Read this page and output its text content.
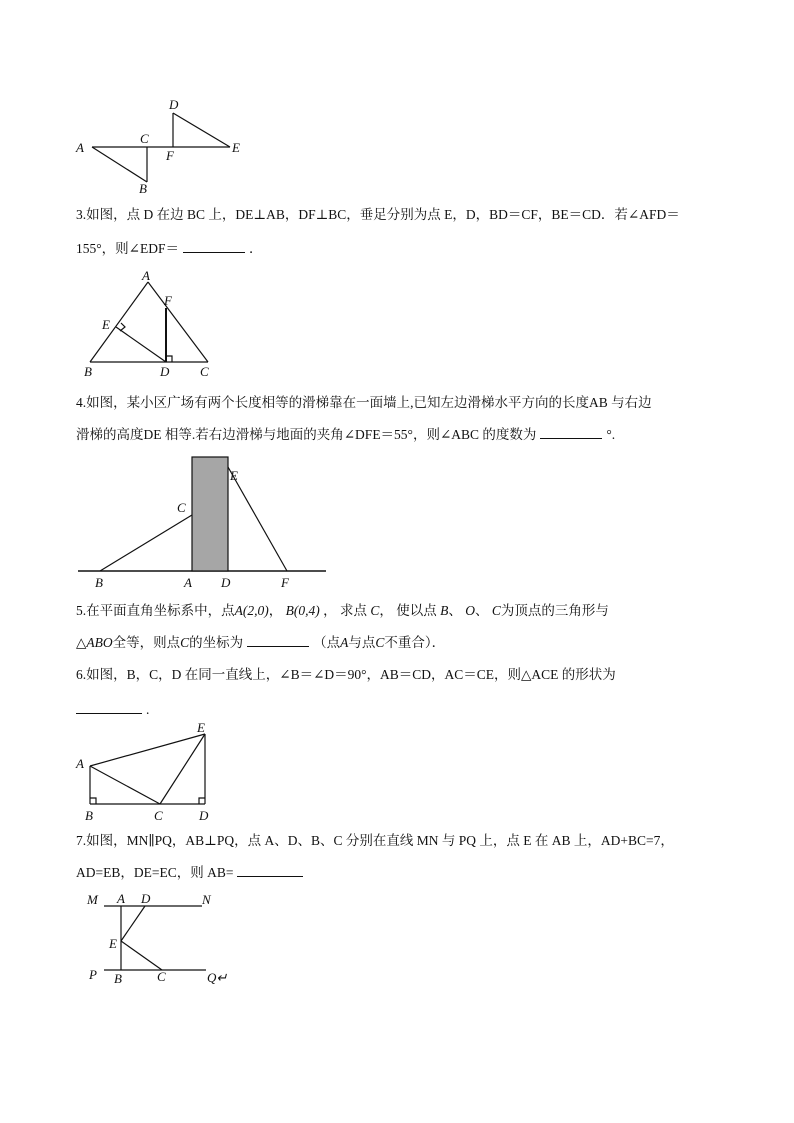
A
B
C
D
E
F
3.如图，点 D 在边 BC 上，DE⊥AB，DF⊥BC，垂足分别为点 E，D，BD＝CF，BE＝CD．若∠AFD＝
155°，则∠EDF＝	．
A
B	C
D
E
F
4.如图，某小区广场有两个长度相等的滑梯靠在一面墙上,已知左边滑梯水平方向的长度AB 与右边
滑梯的高度DE 相等.若右边滑梯与地面的夹角∠DFE＝55°，则∠ABC 的度数为	°.
A
B
C
D
E
F
5.在平面直角坐标系中，点A(2,0)， B(0,4) ， 求点 C， 使以点 B、 O、 C为顶点的三角形与
△ABO全等，则点C的坐标为	（点A与点C不重合）．
6.如图，B，C，D 在同一直线上，∠B＝∠D＝90°，AB＝CD，AC＝CE，则△ACE 的形状为
.
A
B	C	D
E
7.如图，MN∥PQ，AB⊥PQ，点 A、D、B、C 分别在直线 MN 与 PQ 上，点 E 在 AB 上，AD+BC=7，
AD=EB，DE=EC，则 AB=
M A D	N
E
P B	C	Q↵
